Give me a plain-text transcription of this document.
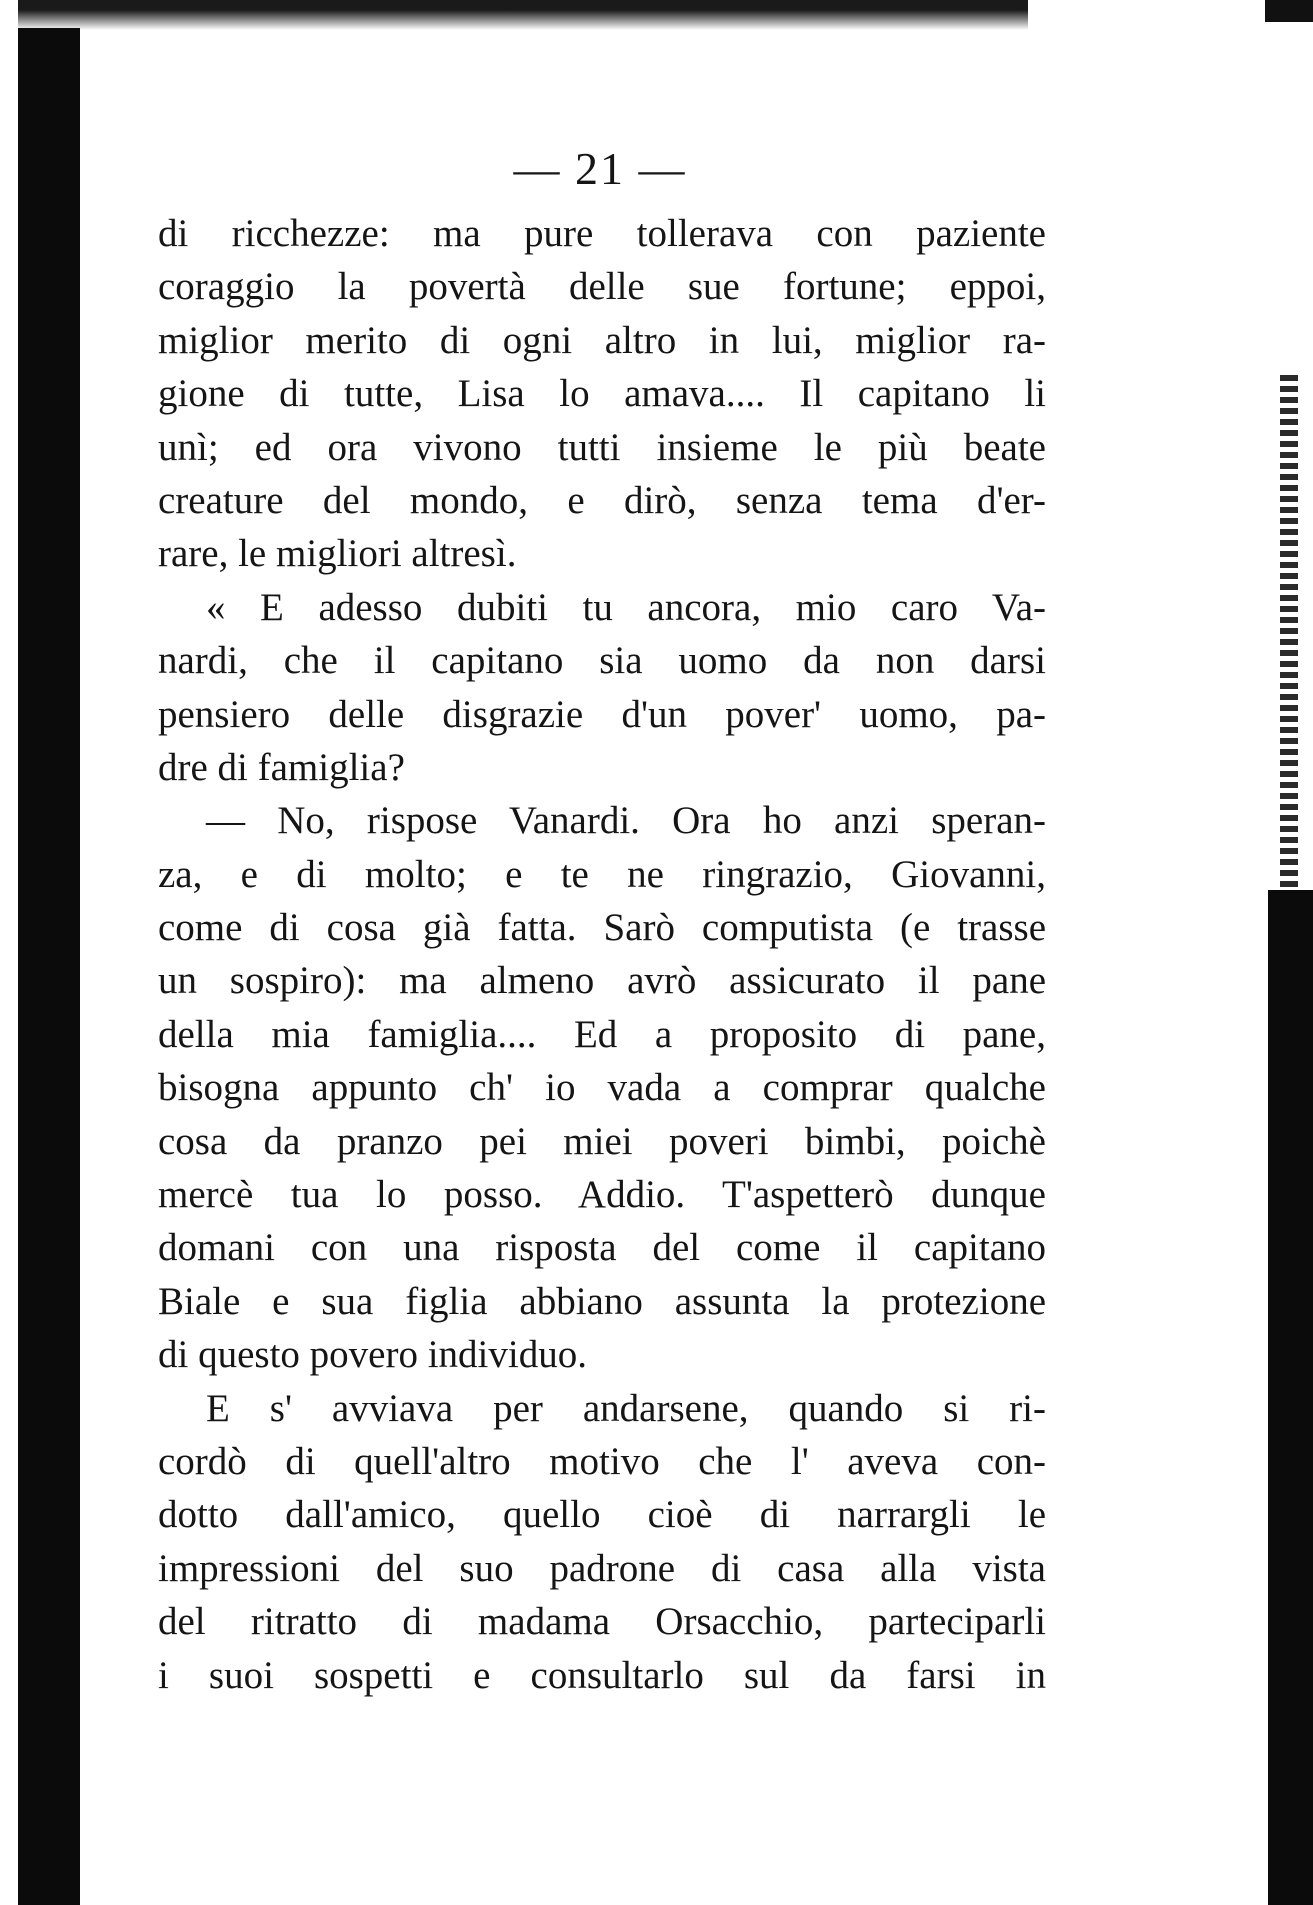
— 21 —
di ricchezze: ma pure tollerava con paziente
coraggio la povertà delle sue fortune; eppoi,
miglior merito di ogni altro in lui, miglior ra-
gione di tutte, Lisa lo amava.... Il capitano li
unì; ed ora vivono tutti insieme le più beate
creature del mondo, e dirò, senza tema d'er-
rare, le migliori altresì.
« E adesso dubiti tu ancora, mio caro Va-
nardi, che il capitano sia uomo da non darsi
pensiero delle disgrazie d'un pover' uomo, pa-
dre di famiglia?
— No, rispose Vanardi. Ora ho anzi speran-
za, e di molto; e te ne ringrazio, Giovanni,
come di cosa già fatta. Sarò computista (e trasse
un sospiro): ma almeno avrò assicurato il pane
della mia famiglia.... Ed a proposito di pane,
bisogna appunto ch' io vada a comprar qualche
cosa da pranzo pei miei poveri bimbi, poichè
mercè tua lo posso. Addio. T'aspetterò dunque
domani con una risposta del come il capitano
Biale e sua figlia abbiano assunta la protezione
di questo povero individuo.
E s' avviava per andarsene, quando si ri-
cordò di quell'altro motivo che l' aveva con-
dotto dall'amico, quello cioè di narrargli le
impressioni del suo padrone di casa alla vista
del ritratto di madama Orsacchio, parteciparli
i suoi sospetti e consultarlo sul da farsi in
